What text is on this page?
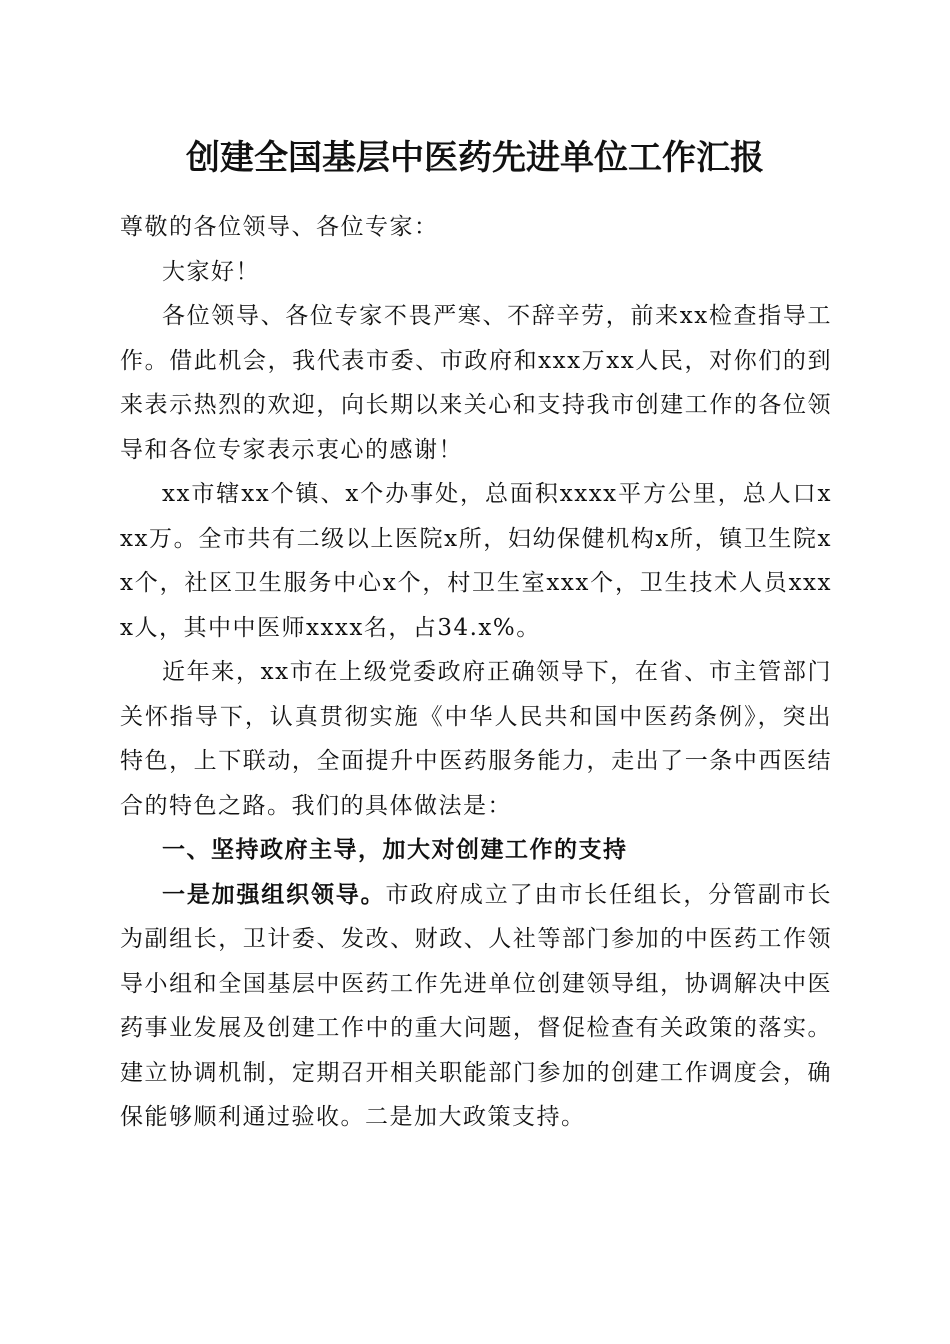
创建全国基层中医药先进单位工作汇报

尊敬的各位领导、各位专家：

大家好！

各位领导、各位专家不畏严寒、不辞辛劳，前来xx检查指导工作。借此机会，我代表市委、市政府和xxx万xx人民，对你们的到来表示热烈的欢迎，向长期以来关心和支持我市创建工作的各位领导和各位专家表示衷心的感谢！

xx市辖xx个镇、x个办事处，总面积xxxx平方公里，总人口xxx万。全市共有二级以上医院x所，妇幼保健机构x所，镇卫生院xx个，社区卫生服务中心x个，村卫生室xxx个，卫生技术人员xxxx人，其中中医师xxxx名，占34.x%。

近年来，xx市在上级党委政府正确领导下，在省、市主管部门关怀指导下，认真贯彻实施《中华人民共和国中医药条例》，突出特色，上下联动，全面提升中医药服务能力，走出了一条中西医结合的特色之路。我们的具体做法是：

一、坚持政府主导，加大对创建工作的支持

一是加强组织领导。市政府成立了由市长任组长，分管副市长为副组长，卫计委、发改、财政、人社等部门参加的中医药工作领导小组和全国基层中医药工作先进单位创建领导组，协调解决中医药事业发展及创建工作中的重大问题，督促检查有关政策的落实。建立协调机制，定期召开相关职能部门参加的创建工作调度会，确保能够顺利通过验收。二是加大政策支持。
